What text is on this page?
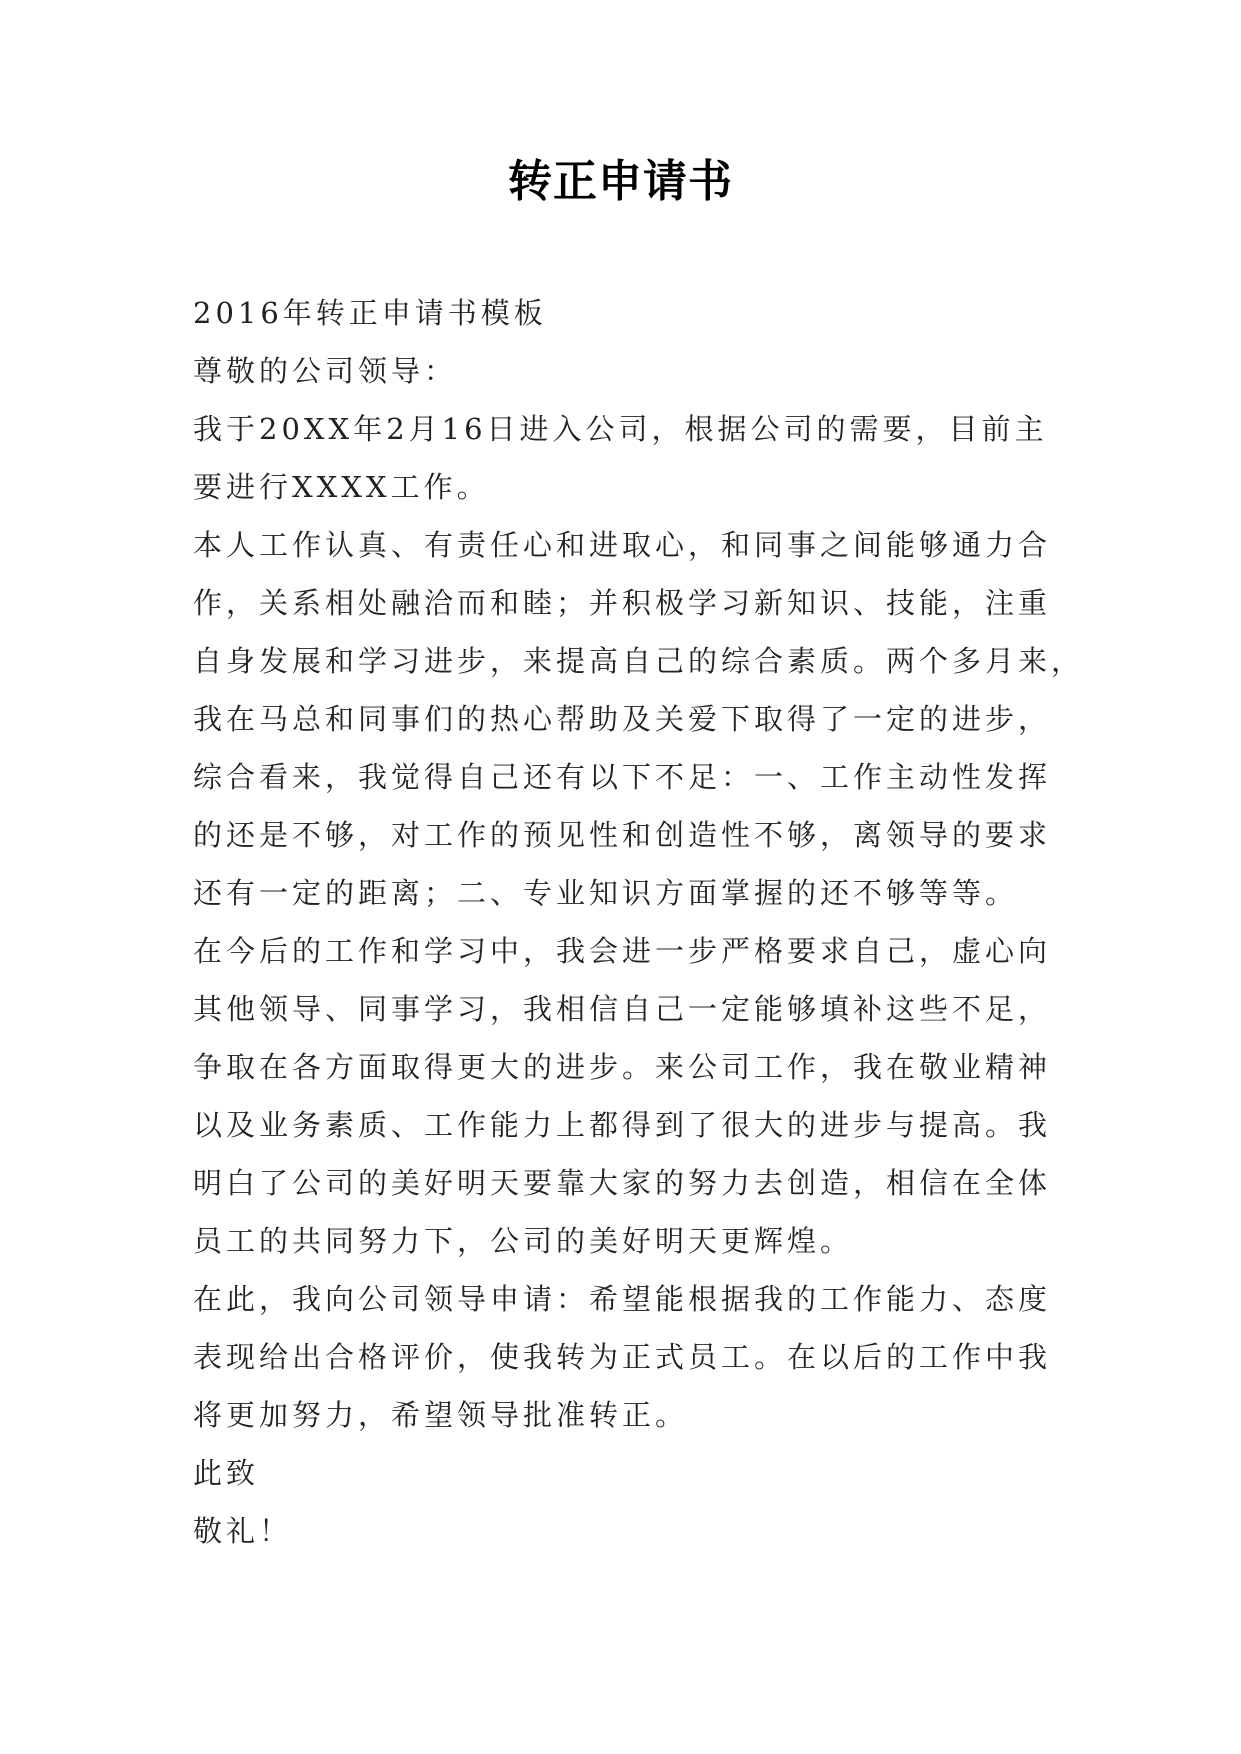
转正申请书
2016年转正申请书模板
尊敬的公司领导：
我于20XX年2月16日进入公司，根据公司的需要，目前主
要进行XXXX工作。
本人工作认真、有责任心和进取心，和同事之间能够通力合
作，关系相处融洽而和睦；并积极学习新知识、技能，注重
自身发展和学习进步，来提高自己的综合素质。两个多月来，
我在马总和同事们的热心帮助及关爱下取得了一定的进步，
综合看来，我觉得自己还有以下不足：一、工作主动性发挥
的还是不够，对工作的预见性和创造性不够，离领导的要求
还有一定的距离；二、专业知识方面掌握的还不够等等。
在今后的工作和学习中，我会进一步严格要求自己，虚心向
其他领导、同事学习，我相信自己一定能够填补这些不足，
争取在各方面取得更大的进步。来公司工作，我在敬业精神
以及业务素质、工作能力上都得到了很大的进步与提高。我
明白了公司的美好明天要靠大家的努力去创造，相信在全体
员工的共同努力下，公司的美好明天更辉煌。
在此，我向公司领导申请：希望能根据我的工作能力、态度
表现给出合格评价，使我转为正式员工。在以后的工作中我
将更加努力，希望领导批准转正。
此致
敬礼！
